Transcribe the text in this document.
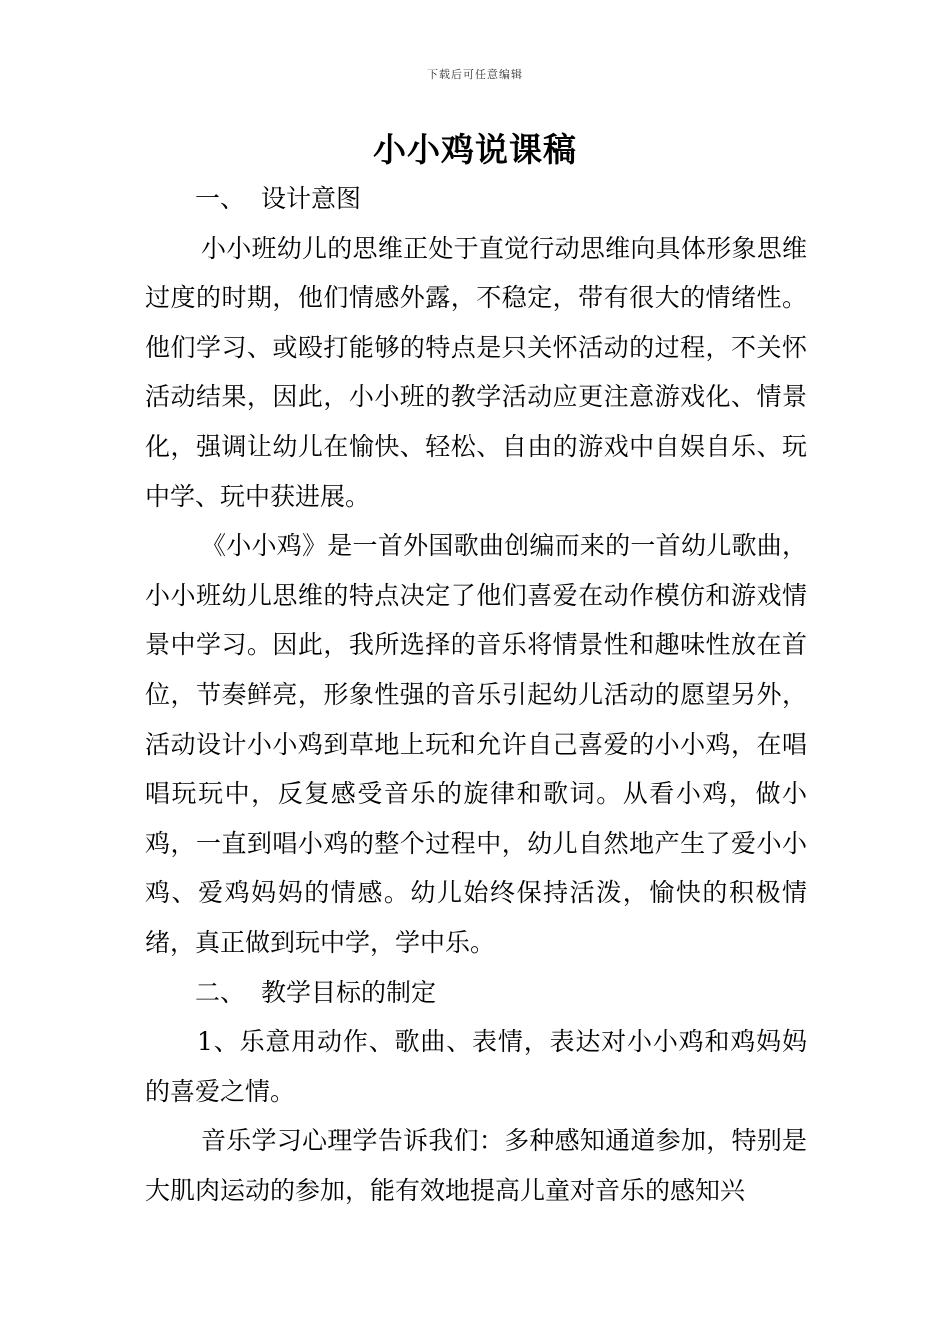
下载后可任意编辑
小小鸡说课稿

一、 设计意图

小小班幼儿的思维正处于直觉行动思维向具体形象思维过度的时期，他们情感外露，不稳定，带有很大的情绪性。他们学习、或殴打能够的特点是只关怀活动的过程，不关怀活动结果，因此，小小班的教学活动应更注意游戏化、情景化，强调让幼儿在愉快、轻松、自由的游戏中自娱自乐、玩中学、玩中获进展。

《小小鸡》是一首外国歌曲创编而来的一首幼儿歌曲，小小班幼儿思维的特点决定了他们喜爱在动作模仿和游戏情景中学习。因此，我所选择的音乐将情景性和趣味性放在首位，节奏鲜亮，形象性强的音乐引起幼儿活动的愿望另外，活动设计小小鸡到草地上玩和允许自己喜爱的小小鸡，在唱唱玩玩中，反复感受音乐的旋律和歌词。从看小鸡，做小鸡，一直到唱小鸡的整个过程中，幼儿自然地产生了爱小小鸡、爱鸡妈妈的情感。幼儿始终保持活泼，愉快的积极情绪，真正做到玩中学，学中乐。

二、 教学目标的制定

1、乐意用动作、歌曲、表情，表达对小小鸡和鸡妈妈的喜爱之情。

音乐学习心理学告诉我们：多种感知通道参加，特别是大肌肉运动的参加，能有效地提高儿童对音乐的感知兴
